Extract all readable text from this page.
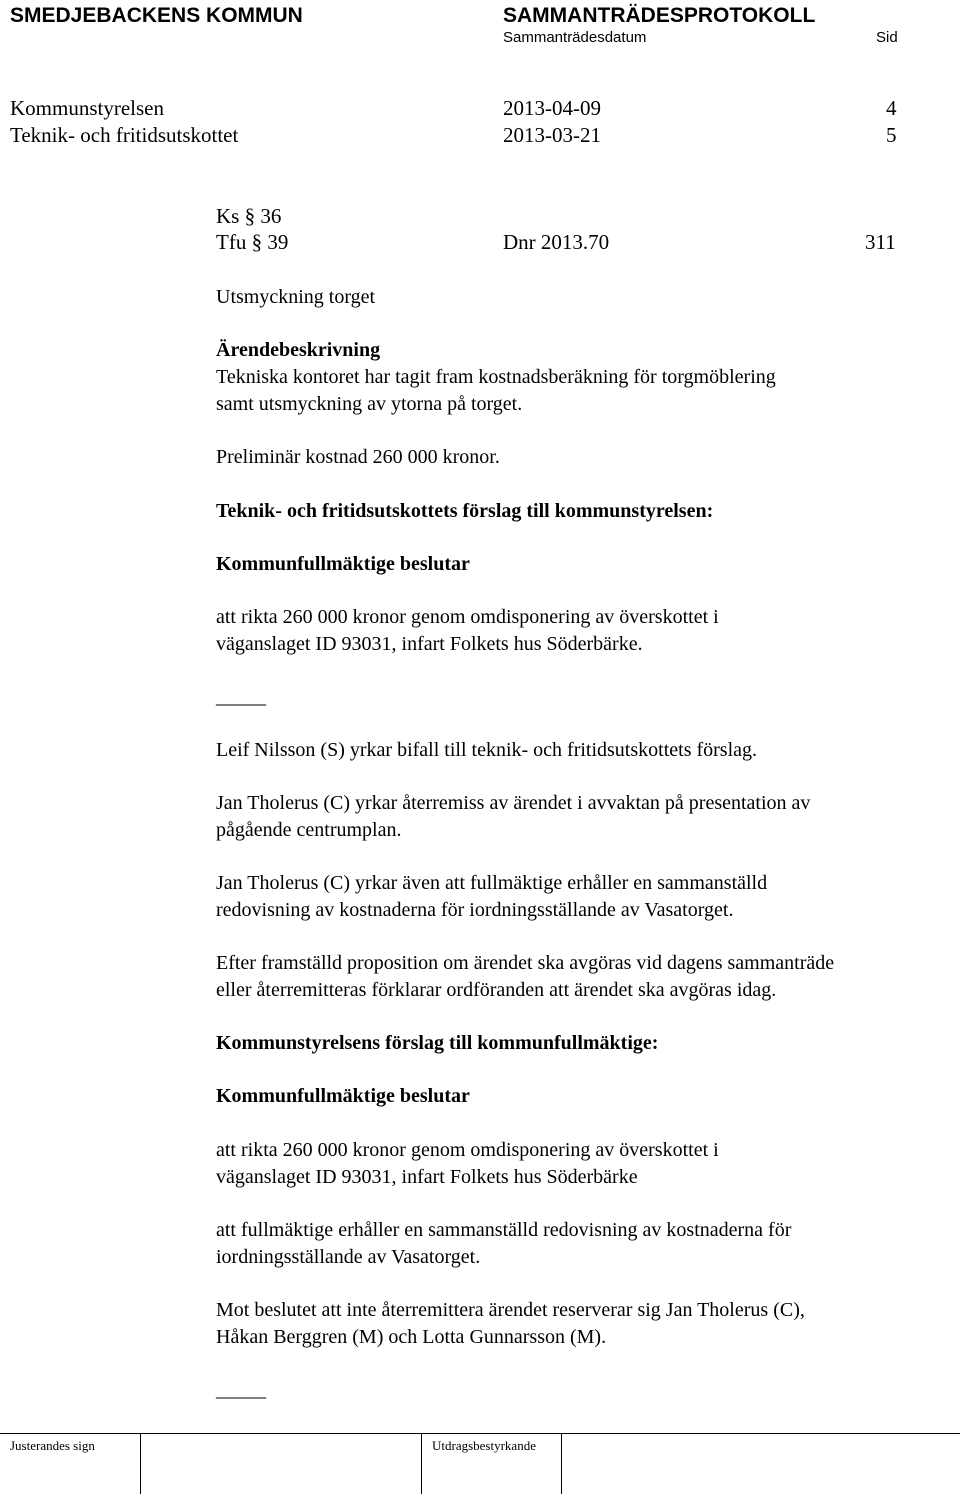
SMEDJEBACKENS KOMMUN	SAMMANTRÄDESPROTOKOLL
Sammanträdesdatum	Sid
Kommunstyrelsen	2013-04-09	4
Teknik- och fritidsutskottet	2013-03-21	5
Ks § 36
Tfu § 39	Dnr 2013.70	311
Utsmyckning torget
Ärendebeskrivning
Tekniska kontoret har tagit fram kostnadsberäkning för torgmöblering
samt utsmyckning av ytorna på torget.
Preliminär kostnad 260 000 kronor.
Teknik- och fritidsutskottets förslag till kommunstyrelsen:
Kommunfullmäktige beslutar
att rikta 260 000 kronor genom omdisponering av överskottet i
väganslaget ID 93031, infart Folkets hus Söderbärke.
_____
Leif Nilsson (S) yrkar bifall till teknik- och fritidsutskottets förslag.
Jan Tholerus (C) yrkar återremiss av ärendet i avvaktan på presentation av
pågående centrumplan.
Jan Tholerus (C) yrkar även att fullmäktige erhåller en sammanställd
redovisning av kostnaderna för iordningsställande av Vasatorget.
Efter framställd proposition om ärendet ska avgöras vid dagens sammanträde
eller återremitteras förklarar ordföranden att ärendet ska avgöras idag.
Kommunstyrelsens förslag till kommunfullmäktige:
Kommunfullmäktige beslutar
att rikta 260 000 kronor genom omdisponering av överskottet i
väganslaget ID 93031, infart Folkets hus Söderbärke
att fullmäktige erhåller en sammanställd redovisning av kostnaderna för
iordningsställande av Vasatorget.
Mot beslutet att inte återremittera ärendet reserverar sig Jan Tholerus (C),
Håkan Berggren (M) och Lotta Gunnarsson (M).
_____
Justerandes sign	Utdragsbestyrkande
